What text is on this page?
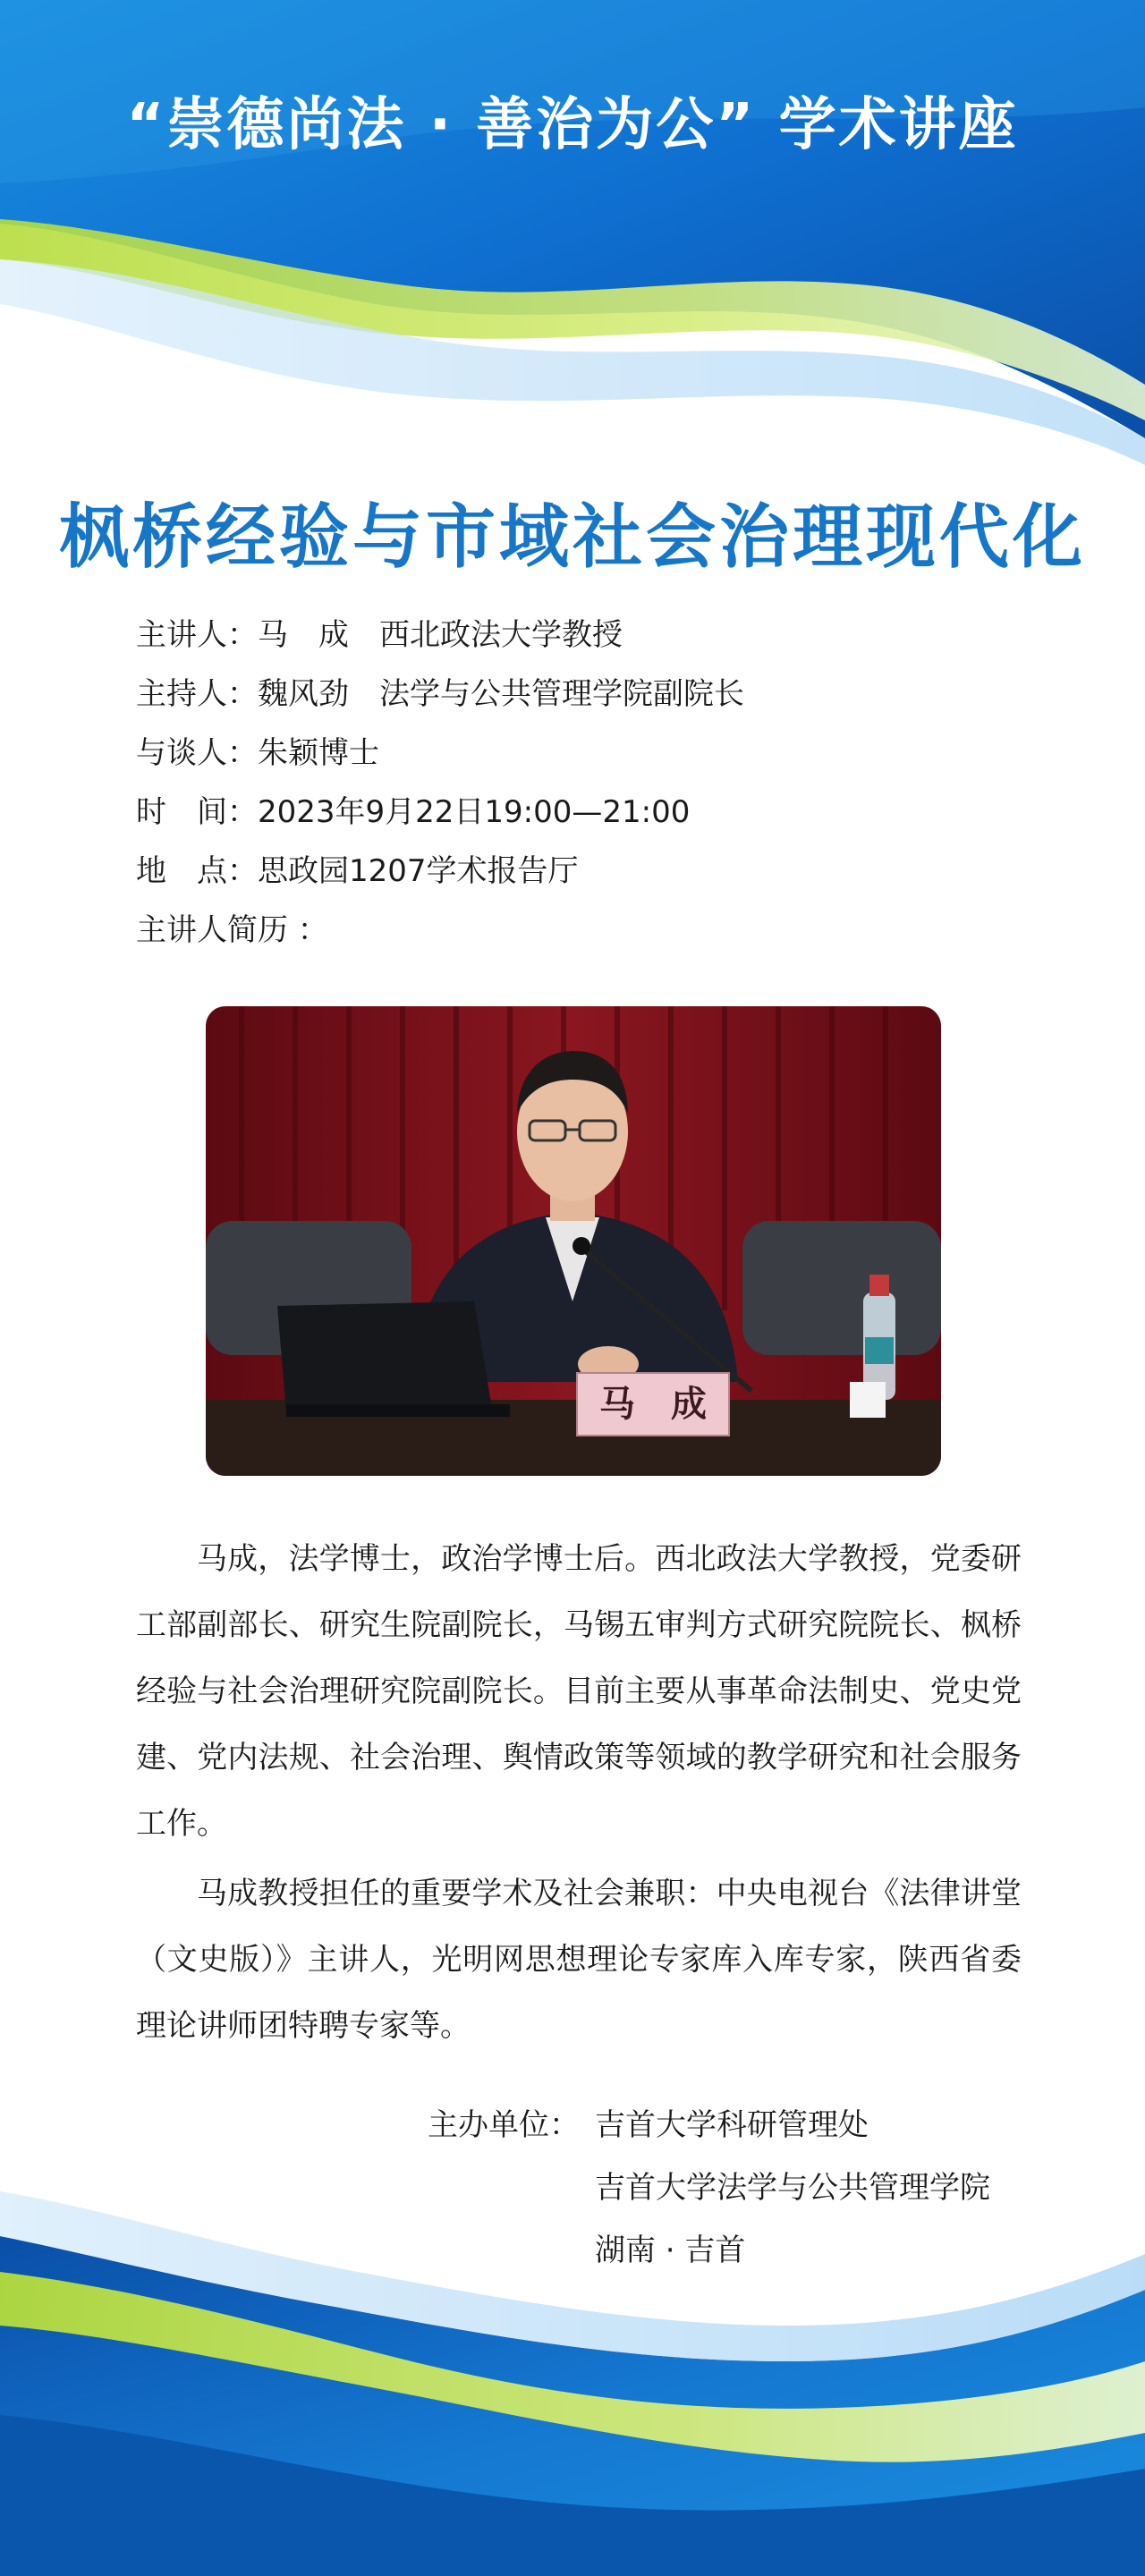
“崇德尚法 · 善治为公” 学术讲座
枫桥经验与市域社会治理现代化
主讲人：马　成　西北政法大学教授
主持人：魏风劲　法学与公共管理学院副院长
与谈人：朱颖博士
时　间：2023年9月22日19:00—21:00
地　点：思政园1207学术报告厅
主讲人简历 ：
马　成
马成，法学博士，政治学博士后。西北政法大学教授，党委研工部副部长、研究生院副院长，马锡五审判方式研究院院长、枫桥经验与社会治理研究院副院长。目前主要从事革命法制史、党史党建、党内法规、社会治理、舆情政策等领域的教学研究和社会服务工作。
马成教授担任的重要学术及社会兼职：中央电视台《法律讲堂（文史版）》主讲人，光明网思想理论专家库入库专家，陕西省委理论讲师团特聘专家等。
主办单位： 吉首大学科研管理处
吉首大学法学与公共管理学院
湖南 · 吉首
